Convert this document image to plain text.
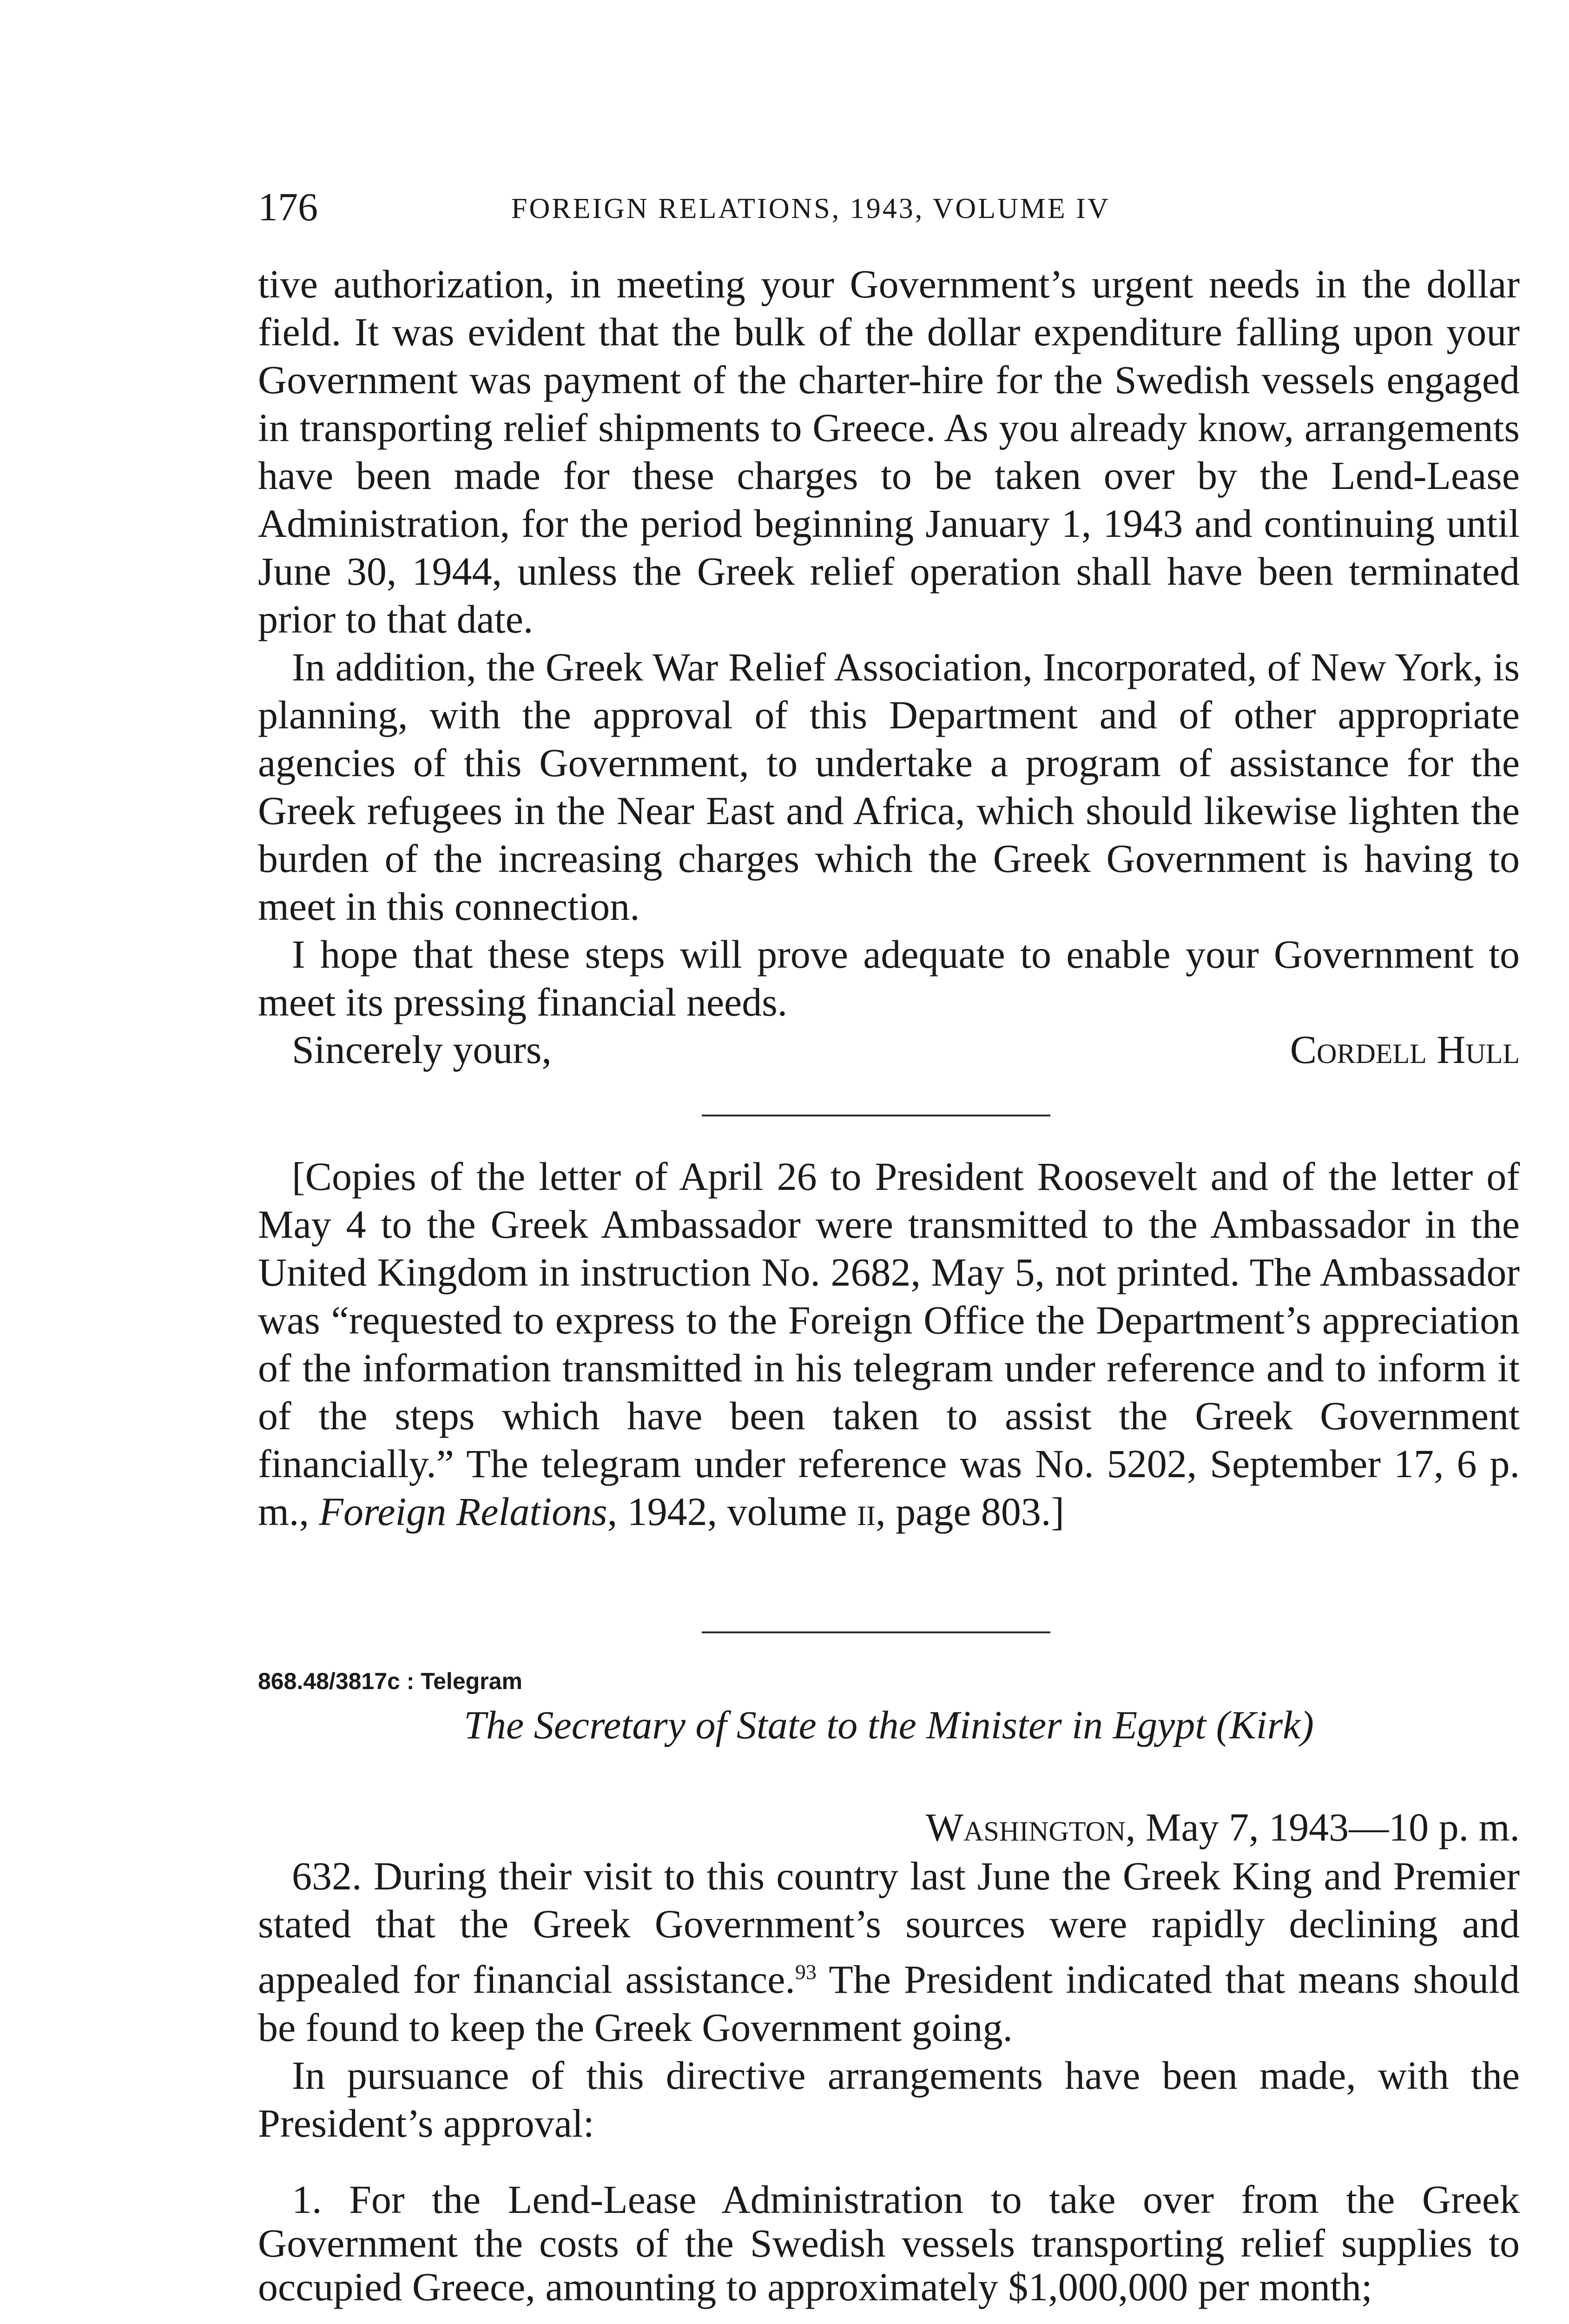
176	FOREIGN RELATIONS, 1943, VOLUME IV

tive authorization, in meeting your Government’s urgent needs in the dollar field. It was evident that the bulk of the dollar expenditure falling upon your Government was payment of the charter-hire for the Swedish vessels engaged in transporting relief shipments to Greece. As you already know, arrangements have been made for these charges to be taken over by the Lend-Lease Administration, for the period beginning January 1, 1943 and continuing until June 30, 1944, unless the Greek relief operation shall have been terminated prior to that date.

In addition, the Greek War Relief Association, Incorporated, of New York, is planning, with the approval of this Department and of other appropriate agencies of this Government, to undertake a program of assistance for the Greek refugees in the Near East and Africa, which should likewise lighten the burden of the increasing charges which the Greek Government is having to meet in this connection.

I hope that these steps will prove adequate to enable your Government to meet its pressing financial needs.

Sincerely yours,	Cordell Hull

[Copies of the letter of April 26 to President Roosevelt and of the letter of May 4 to the Greek Ambassador were transmitted to the Ambassador in the United Kingdom in instruction No. 2682, May 5, not printed. The Ambassador was “requested to express to the Foreign Office the Department’s appreciation of the information transmitted in his telegram under reference and to inform it of the steps which have been taken to assist the Greek Government financially.” The telegram under reference was No. 5202, September 17, 6 p. m., Foreign Relations, 1942, volume ii, page 803.]

868.48/3817c : Telegram
The Secretary of State to the Minister in Egypt (Kirk)
Washington, May 7, 1943—10 p. m.

632. During their visit to this country last June the Greek King and Premier stated that the Greek Government’s sources were rapidly declining and appealed for financial assistance.$^{93}$ The President indicated that means should be found to keep the Greek Government going.

In pursuance of this directive arrangements have been made, with the President’s approval:

1. For the Lend-Lease Administration to take over from the Greek Government the costs of the Swedish vessels transporting relief supplies to occupied Greece, amounting to approximately $1,000,000 per month;
